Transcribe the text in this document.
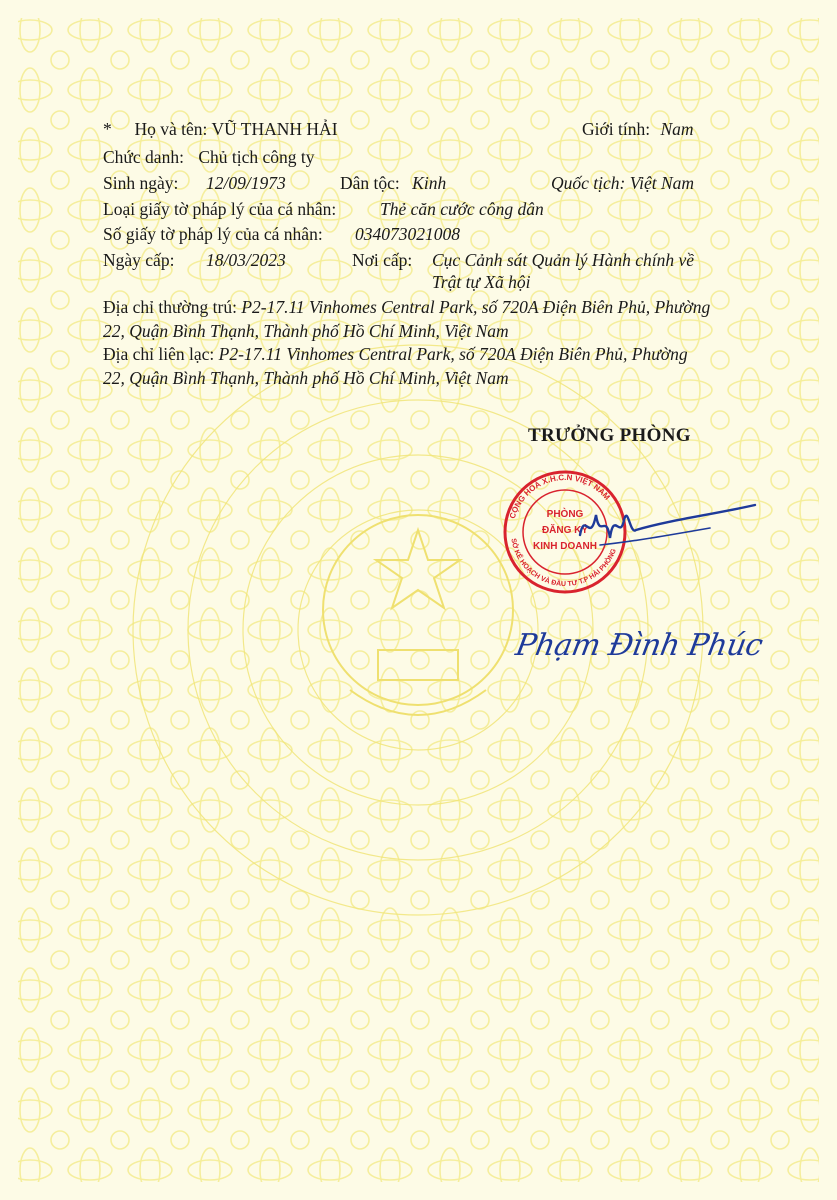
* Họ và tên: VŨ THANH HẢI	Giới tính: Nam
Chức danh: Chủ tịch công ty
Sinh ngày: 12/09/1973	Dân tộc: Kinh	Quốc tịch: Việt Nam
Loại giấy tờ pháp lý của cá nhân: Thẻ căn cước công dân
Số giấy tờ pháp lý của cá nhân: 034073021008
Ngày cấp: 18/03/2023	Nơi cấp: Cục Cảnh sát Quản lý Hành chính về
Trật tự Xã hội
Địa chỉ thường trú: P2-17.11 Vinhomes Central Park, số 720A Điện Biên Phủ, Phường
22, Quận Bình Thạnh, Thành phố Hồ Chí Minh, Việt Nam
Địa chỉ liên lạc: P2-17.11 Vinhomes Central Park, số 720A Điện Biên Phủ, Phường
22, Quận Bình Thạnh, Thành phố Hồ Chí Minh, Việt Nam
TRƯỞNG PHÒNG
CỘNG HOÀ X.H.C.N VIỆT NAM
SỞ KẾ HOẠCH VÀ ĐẦU TƯ T.P HẢI PHÒNG
PHÒNG
ĐĂNG KÝ
KINH DOANH
Phạm Đình Phúc
